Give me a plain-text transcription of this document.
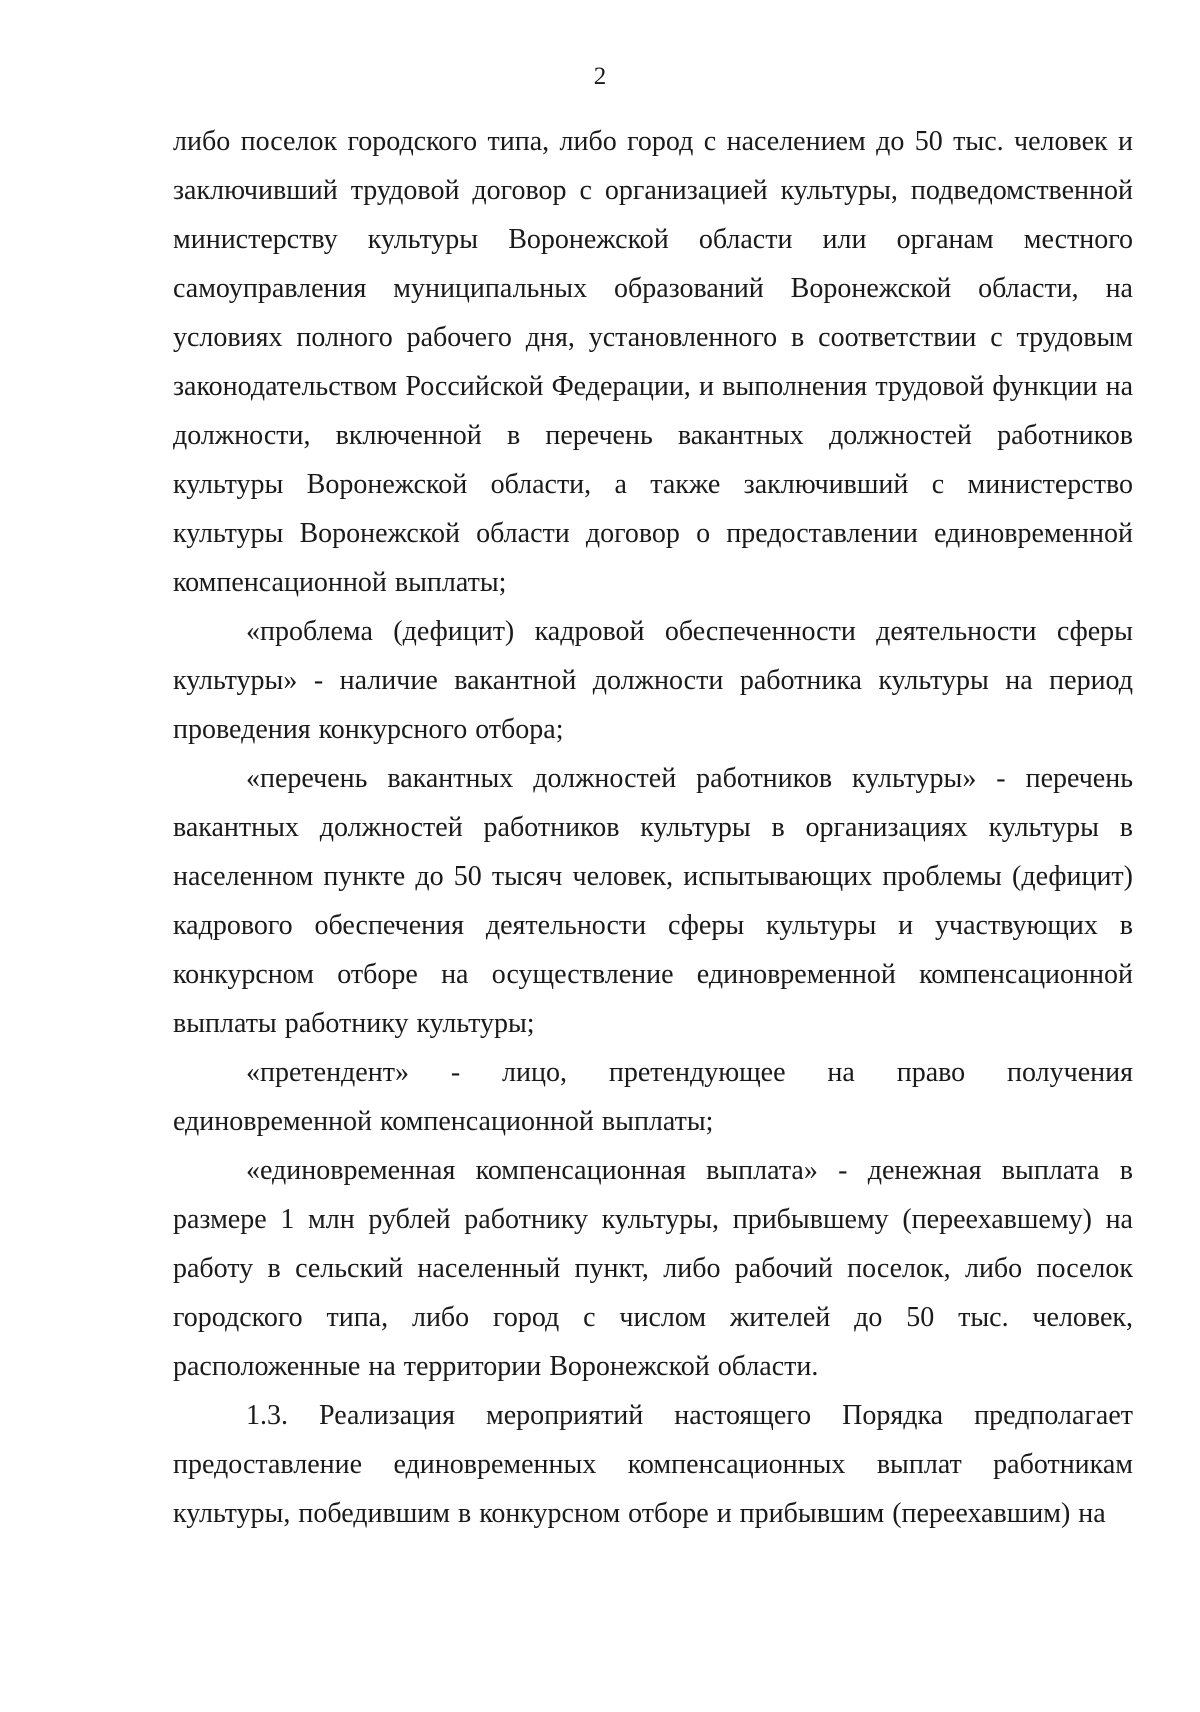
2

либо поселок городского типа, либо город с населением до 50 тыс. человек и заключивший трудовой договор с организацией культуры, подведомственной министерству культуры Воронежской области или органам местного самоуправления муниципальных образований Воронежской области, на условиях полного рабочего дня, установленного в соответствии с трудовым законодательством Российской Федерации, и выполнения трудовой функции на должности, включенной в перечень вакантных должностей работников культуры Воронежской области, а также заключивший с министерство культуры Воронежской области договор о предоставлении единовременной компенсационной выплаты;

«проблема (дефицит) кадровой обеспеченности деятельности сферы культуры» - наличие вакантной должности работника культуры на период проведения конкурсного отбора;

«перечень вакантных должностей работников культуры» - перечень вакантных должностей работников культуры в организациях культуры в населенном пункте до 50 тысяч человек, испытывающих проблемы (дефицит) кадрового обеспечения деятельности сферы культуры и участвующих в конкурсном отборе на осуществление единовременной компенсационной выплаты работнику культуры;

«претендент» - лицо, претендующее на право получения единовременной компенсационной выплаты;

«единовременная компенсационная выплата» - денежная выплата в размере 1 млн рублей работнику культуры, прибывшему (переехавшему) на работу в сельский населенный пункт, либо рабочий поселок, либо поселок городского типа, либо город с числом жителей до 50 тыс. человек, расположенные на территории Воронежской области.

1.3. Реализация мероприятий настоящего Порядка предполагает предоставление единовременных компенсационных выплат работникам культуры, победившим в конкурсном отборе и прибывшим (переехавшим) на
